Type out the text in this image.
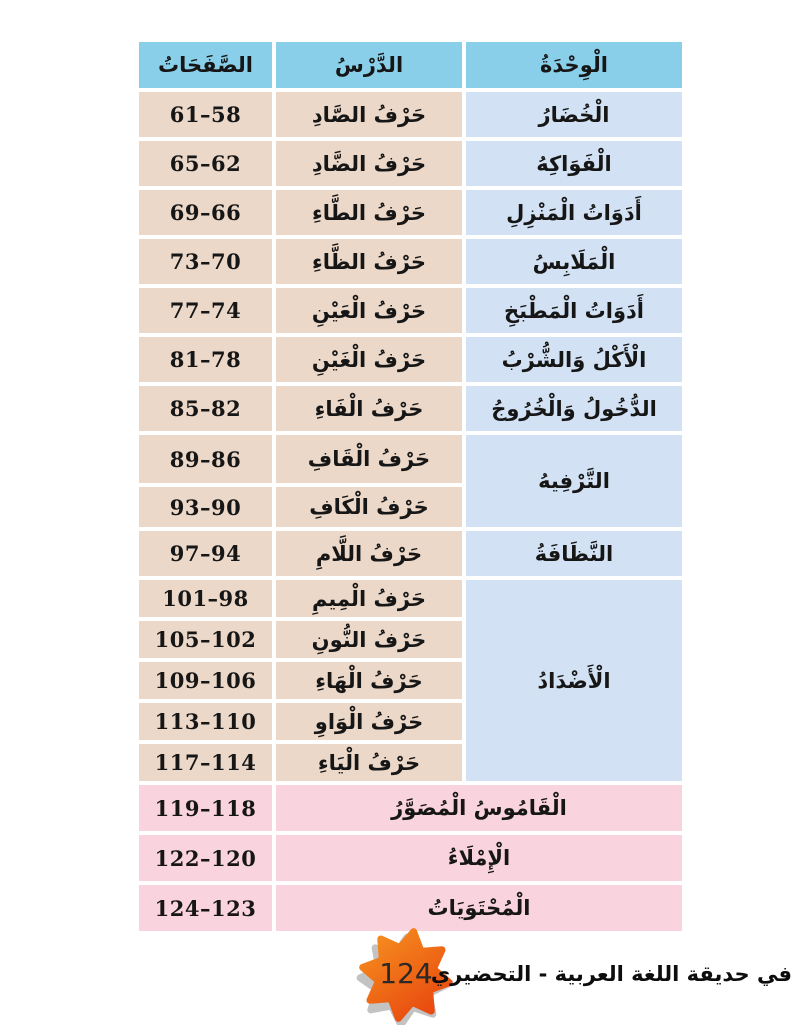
الْوِحْدَةُ	الدَّرْسُ	الصَّفَحَاتُ
الْخُضَارُ	حَرْفُ الصَّادِ	61–58
الْفَوَاكِهُ	حَرْفُ الضَّادِ	65–62
أَدَوَاتُ الْمَنْزِلِ	حَرْفُ الطَّاءِ	69–66
الْمَلَابِسُ	حَرْفُ الظَّاءِ	73–70
أَدَوَاتُ الْمَطْبَخِ	حَرْفُ الْعَيْنِ	77–74
الْأَكْلُ وَالشُّرْبُ	حَرْفُ الْغَيْنِ	81–78
الدُّخُولُ وَالْخُرُوجُ	حَرْفُ الْفَاءِ	85–82
التَّرْفِيهُ	حَرْفُ الْقَافِ	89–86
	حَرْفُ الْكَافِ	93–90
النَّظَافَةُ	حَرْفُ اللَّامِ	97–94
الْأَضْدَادُ	حَرْفُ الْمِيمِ	101–98
	حَرْفُ النُّونِ	105–102
	حَرْفُ الْهَاءِ	109–106
	حَرْفُ الْوَاوِ	113–110
	حَرْفُ الْيَاءِ	117–114
الْقَامُوسُ الْمُصَوَّرُ		119–118
الْإِمْلَاءُ		122–120
الْمُحْتَوَيَاتُ		124–123
124
في حديقة اللغة العربية - التحضيري
